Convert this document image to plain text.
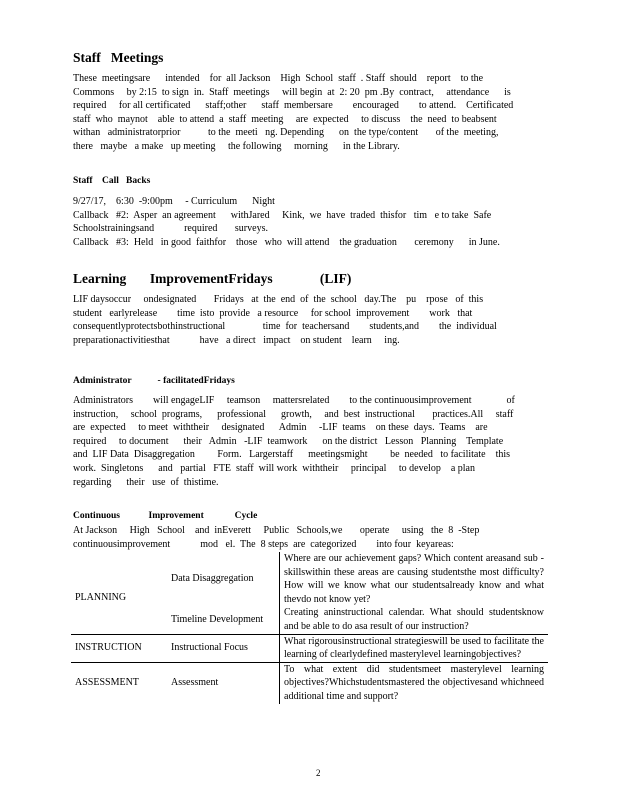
Staff   Meetings
These  meetingsare      intended    for  all Jackson    High  School  staff  . Staff  should    report    to the
Commons     by 2:15  to sign  in.  Staff  meetings     will begin  at  2: 20  pm .By  contract,     attendance      is
required     for all certificated      staff;other      staff  membersare        encouraged        to attend.    Certificated
staff  who  maynot    able  to attend  a  staff  meeting     are  expected     to discuss    the  need  to beabsent
withan   administratorprior           to the  meeti   ng. Depending      on  the type/content       of the  meeting,
there   maybe   a make   up meeting     the following     morning      in the Library.
Staff    Call   Backs
9/27/17,    6:30  -9:00pm     - Curriculum      Night
Callback   #2:  Asper  an agreement      withJared     Kink,  we  have  traded  thisfor   tim   e to take  Safe
Schoolstrainingsand            required       surveys.
Callback   #3:  Held   in good  faithfor    those   who  will attend    the graduation       ceremony      in June.
Learning       ImprovementFridays              (LIF)
LIF daysoccur     ondesignated       Fridays   at  the  end  of  the  school   day.The    pu    rpose   of  this
student   earlyrelease        time  isto  provide   a resource     for school  improvement        work   that
consequentlyprotectsbothinstructional               time  for  teachersand        students,and        the  individual
preparationactivitiesthat            have   a direct   impact    on student    learn     ing.
Administrator           - facilitatedFridays
Administrators        will engageLIF     teamson     mattersrelated        to the continuousimprovement              of
instruction,     school  programs,      professional      growth,     and  best  instructional       practices.All     staff
are  expected     to meet  withtheir     designated      Admin     -LIF  teams    on these  days.  Teams    are
required     to document      their   Admin   -LIF  teamwork      on the district   Lesson   Planning    Template
and  LIF Data  Disaggregation         Form.   Largerstaff      meetingsmight         be  needed   to facilitate    this
work.  Singletons      and   partial   FTE  staff  will work  withtheir     principal     to develop    a plan
regarding      their   use  of  thistime.
Continuous            Improvement             Cycle
At Jackson     High   School    and  inEverett     Public   Schools,we       operate     using   the  8  -Step
continuousimprovement            mod   el.  The  8 steps  are  categorized        into four  keyareas:
PLANNING	Data Disaggregation	Where are our achievement gaps? Which content areasand sub - skillswithin these areas are causing studentsthe most difficulty?How will we know what our studentsalready know and what thevdo not know yet?
	Timeline Development	Creating aninstructional calendar. What should studentsknow and be able to do asa result of our instruction?
INSTRUCTION	Instructional Focus	What rigorousinstructional strategieswill be used to facilitate the learning of clearlydefined masterylevel learningobjectives?
ASSESSMENT	Assessment	To what extent did studentsmeet masterylevel learning objectives?Whichstudentsmastered the objectivesand whichneed additional time and support?
2
